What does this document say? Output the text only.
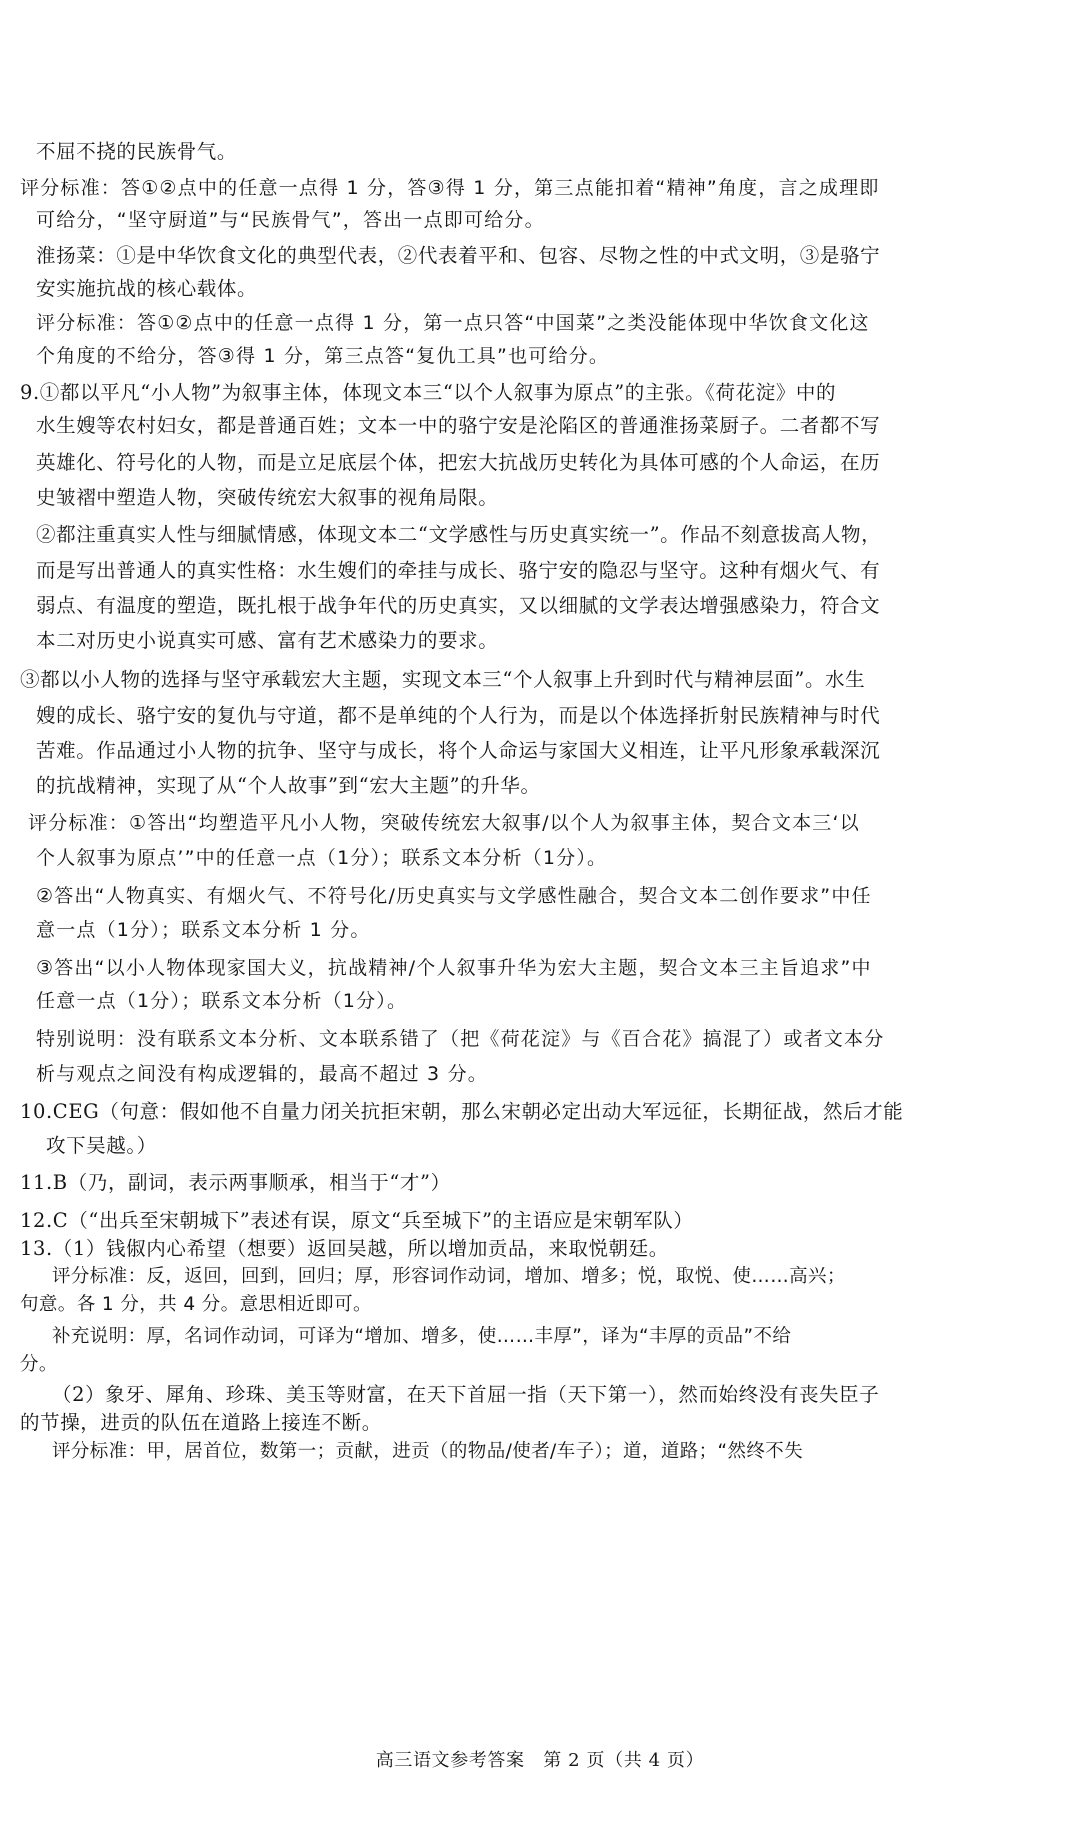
不屈不挠的民族骨气。
评分标准：答①②点中的任意一点得 1 分，答③得 1 分，第三点能扣着“精神”角度，言之成理即
可给分，“坚守厨道”与“民族骨气”，答出一点即可给分。
淮扬菜：①是中华饮食文化的典型代表，②代表着平和、包容、尽物之性的中式文明，③是骆宁
安实施抗战的核心载体。
评分标准：答①②点中的任意一点得 1 分，第一点只答“中国菜”之类没能体现中华饮食文化这
个角度的不给分，答③得 1 分，第三点答“复仇工具”也可给分。
9.①都以平凡“小人物”为叙事主体，体现文本三“以个人叙事为原点”的主张。《荷花淀》中的
水生嫂等农村妇女，都是普通百姓；文本一中的骆宁安是沦陷区的普通淮扬菜厨子。二者都不写
英雄化、符号化的人物，而是立足底层个体，把宏大抗战历史转化为具体可感的个人命运，在历
史皱褶中塑造人物，突破传统宏大叙事的视角局限。
②都注重真实人性与细腻情感，体现文本二“文学感性与历史真实统一”。作品不刻意拔高人物，
而是写出普通人的真实性格：水生嫂们的牵挂与成长、骆宁安的隐忍与坚守。这种有烟火气、有
弱点、有温度的塑造，既扎根于战争年代的历史真实，又以细腻的文学表达增强感染力，符合文
本二对历史小说真实可感、富有艺术感染力的要求。
③都以小人物的选择与坚守承载宏大主题，实现文本三“个人叙事上升到时代与精神层面”。水生
嫂的成长、骆宁安的复仇与守道，都不是单纯的个人行为，而是以个体选择折射民族精神与时代
苦难。作品通过小人物的抗争、坚守与成长，将个人命运与家国大义相连，让平凡形象承载深沉
的抗战精神，实现了从“个人故事”到“宏大主题”的升华。
评分标准：①答出“均塑造平凡小人物，突破传统宏大叙事/以个人为叙事主体，契合文本三‘以
个人叙事为原点’”中的任意一点（1分）；联系文本分析（1分）。
②答出“人物真实、有烟火气、不符号化/历史真实与文学感性融合，契合文本二创作要求”中任
意一点（1分）；联系文本分析 1 分。
③答出“以小人物体现家国大义，抗战精神/个人叙事升华为宏大主题，契合文本三主旨追求”中
任意一点（1分）；联系文本分析（1分）。
特别说明：没有联系文本分析、文本联系错了（把《荷花淀》与《百合花》搞混了）或者文本分
析与观点之间没有构成逻辑的，最高不超过 3 分。
10.CEG（句意：假如他不自量力闭关抗拒宋朝，那么宋朝必定出动大军远征，长期征战，然后才能
攻下吴越。）
11.B（乃，副词，表示两事顺承，相当于“才”）
12.C（“出兵至宋朝城下”表述有误，原文“兵至城下”的主语应是宋朝军队）
13.（1）钱俶内心希望（想要）返回吴越，所以增加贡品，来取悦朝廷。
评分标准：反，返回，回到，回归；厚，形容词作动词，增加、增多；悦，取悦、使……高兴；
句意。各 1 分，共 4 分。意思相近即可。
补充说明：厚，名词作动词，可译为“增加、增多，使……丰厚”，译为“丰厚的贡品”不给
分。
（2）象牙、犀角、珍珠、美玉等财富，在天下首屈一指（天下第一），然而始终没有丧失臣子
的节操，进贡的队伍在道路上接连不断。
评分标准：甲，居首位，数第一；贡献，进贡（的物品/使者/车子）；道，道路；“然终不失
高三语文参考答案　第 2 页（共 4 页）
